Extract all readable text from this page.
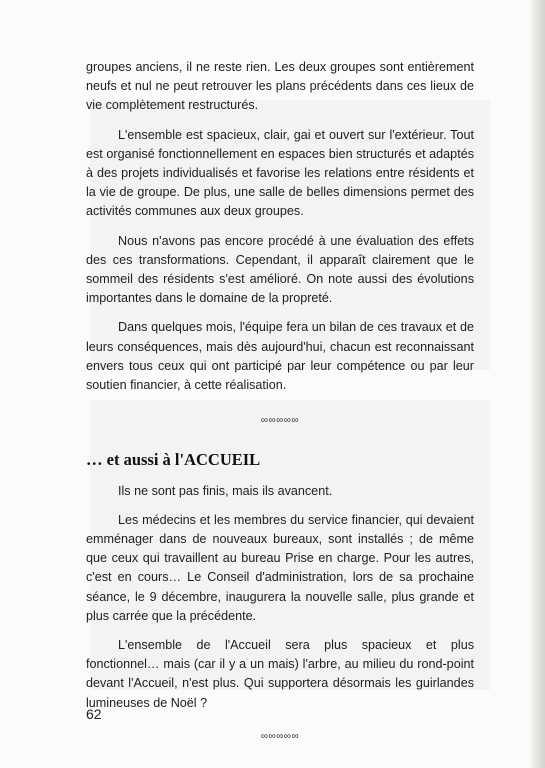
groupes anciens, il ne reste rien. Les deux groupes sont entièrement neufs et nul ne peut retrouver les plans précédents dans ces lieux de vie complètement restructurés.

L'ensemble est spacieux, clair, gai et ouvert sur l'extérieur. Tout est organisé fonctionnellement en espaces bien structurés et adaptés à des projets individualisés et favorise les relations entre résidents et la vie de groupe. De plus, une salle de belles dimensions permet des activités communes aux deux groupes.

Nous n'avons pas encore procédé à une évaluation des effets des ces transformations. Cependant, il apparaît clairement que le sommeil des résidents s'est amélioré. On note aussi des évolutions importantes dans le domaine de la propreté.

Dans quelques mois, l'équipe fera un bilan de ces travaux et de leurs conséquences, mais dès aujourd'hui, chacun est reconnaissant envers tous ceux qui ont participé par leur compétence ou par leur soutien financier, à cette réalisation.

∞∞∞∞∞
… et aussi à l'ACCUEIL

Ils ne sont pas finis, mais ils avancent.

Les médecins et les membres du service financier, qui devaient emménager dans de nouveaux bureaux, sont installés ; de même que ceux qui travaillent au bureau Prise en charge. Pour les autres, c'est en cours… Le Conseil d'administration, lors de sa prochaine séance, le 9 décembre, inaugurera la nouvelle salle, plus grande et plus carrée que la précédente.

L'ensemble de l'Accueil sera plus spacieux et plus fonctionnel… mais (car il y a un mais) l'arbre, au milieu du rond-point devant l'Accueil, n'est plus. Qui supportera désormais les guirlandes lumineuses de Noël ?

∞∞∞∞∞
62
